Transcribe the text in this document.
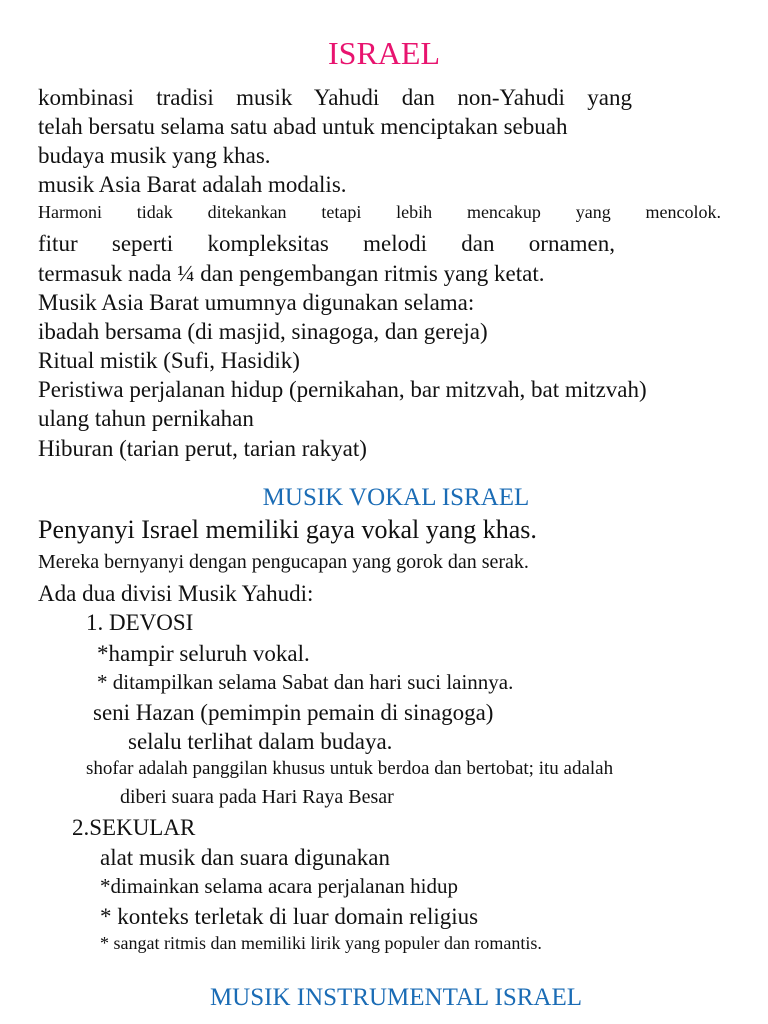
ISRAEL
kombinasi tradisi musik Yahudi dan non-Yahudi yang
telah bersatu selama satu abad untuk menciptakan sebuah
budaya musik yang khas.
musik Asia Barat adalah modalis.
Harmoni tidak ditekankan tetapi lebih mencakup yang mencolok.
fitur seperti kompleksitas melodi dan ornamen,
termasuk nada ¼ dan pengembangan ritmis yang ketat.
Musik Asia Barat umumnya digunakan selama:
ibadah bersama (di masjid, sinagoga, dan gereja)
Ritual mistik (Sufi, Hasidik)
Peristiwa perjalanan hidup (pernikahan, bar mitzvah, bat mitzvah)
ulang tahun pernikahan
Hiburan (tarian perut, tarian rakyat)
MUSIK VOKAL ISRAEL
Penyanyi Israel memiliki gaya vokal yang khas.
Mereka bernyanyi dengan pengucapan yang gorok dan serak.
Ada dua divisi Musik Yahudi:
1. DEVOSI
*hampir seluruh vokal.
* ditampilkan selama Sabat dan hari suci lainnya.
seni Hazan (pemimpin pemain di sinagoga)
selalu terlihat dalam budaya.
shofar adalah panggilan khusus untuk berdoa dan bertobat; itu adalah
diberi suara pada Hari Raya Besar
2.SEKULAR
alat musik dan suara digunakan
*dimainkan selama acara perjalanan hidup
* konteks terletak di luar domain religius
* sangat ritmis dan memiliki lirik yang populer dan romantis.
MUSIK INSTRUMENTAL ISRAEL
